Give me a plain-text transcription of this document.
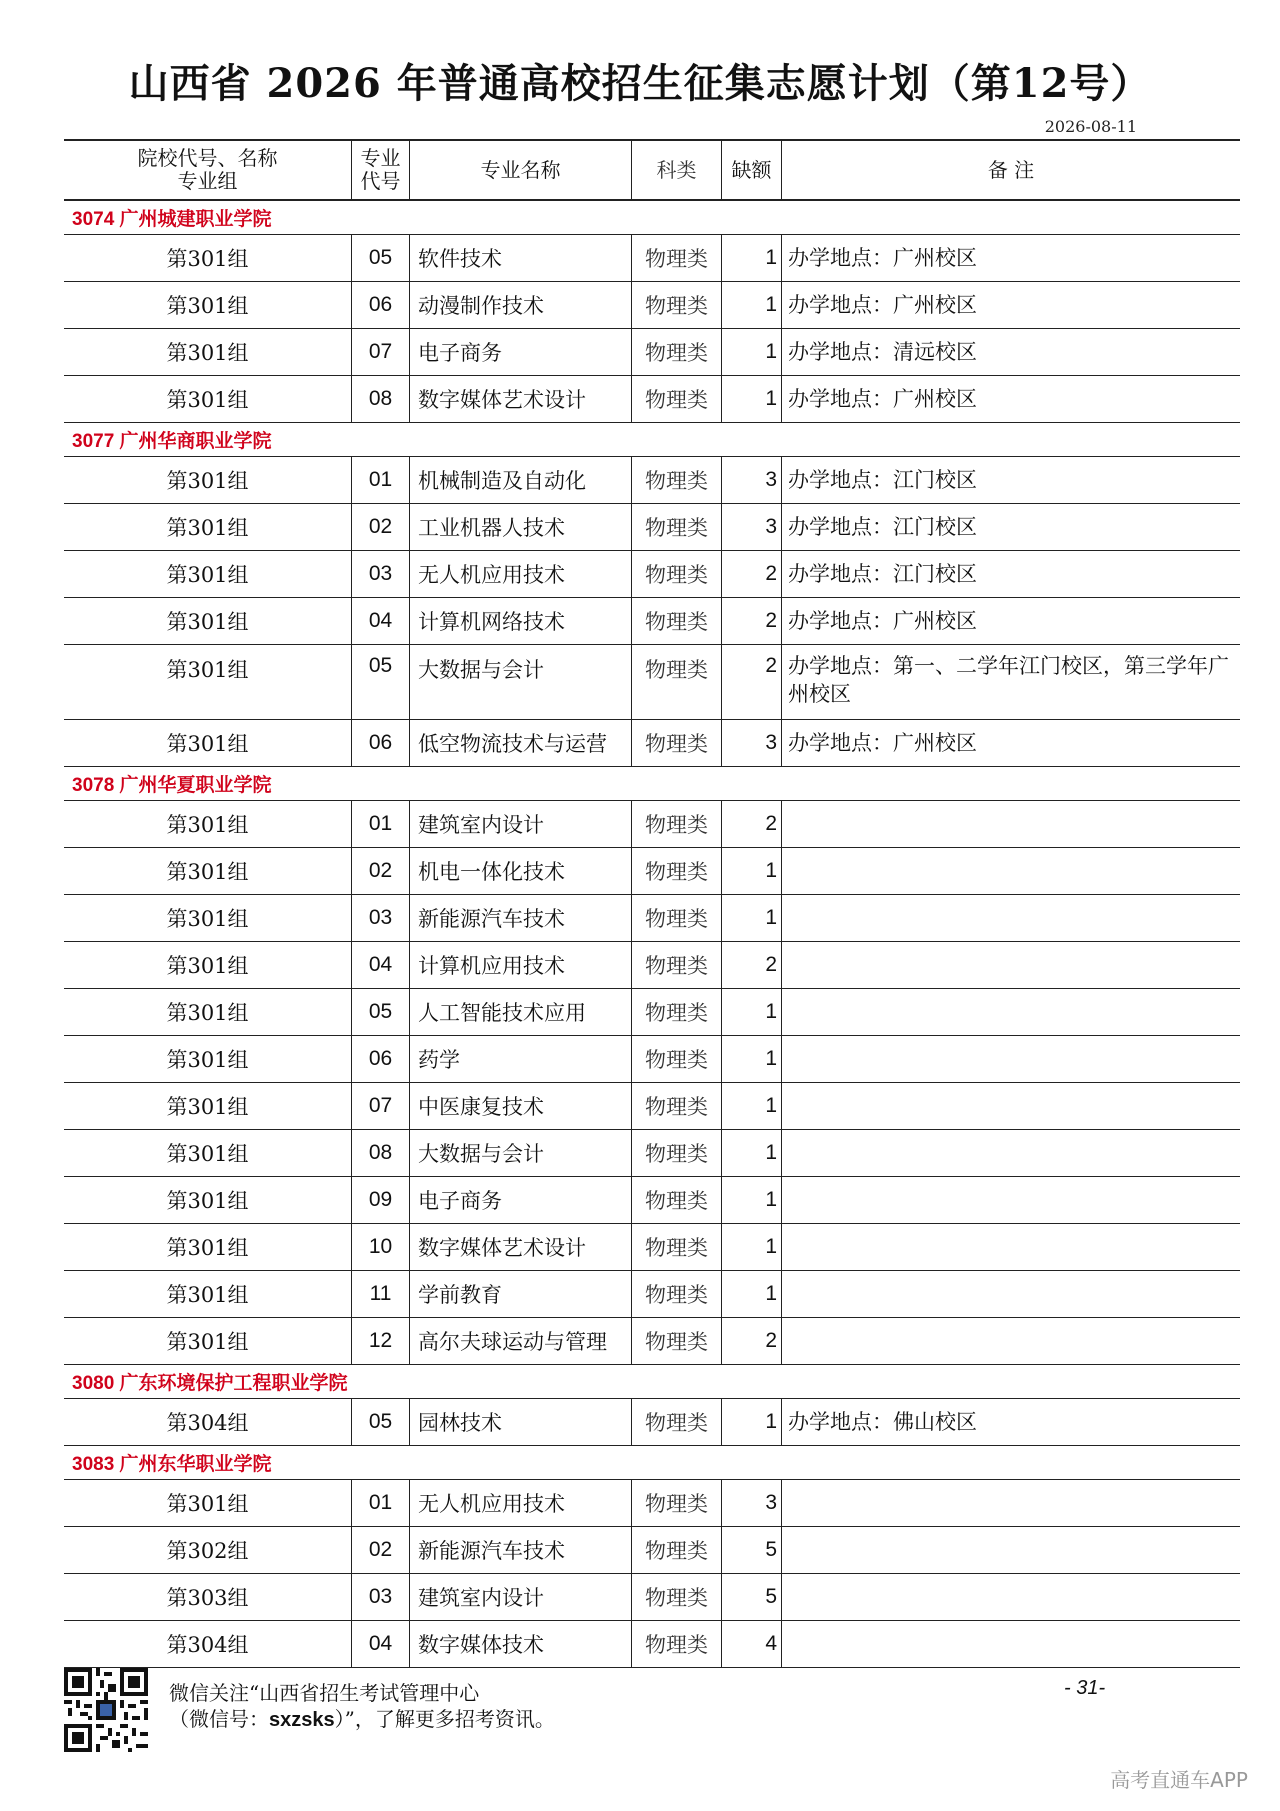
山西省 2026 年普通高校招生征集志愿计划（第12号）
2026-08-11
院校代号、名称
专业组
专业
代号	专业名称	科类	缺额	备 注
3074 广州城建职业学院
第301组	05	软件技术	物理类	1 办学地点：广州校区
第301组	06	动漫制作技术	物理类	1 办学地点：广州校区
第301组	07	电子商务	物理类	1 办学地点：清远校区
第301组	08	数字媒体艺术设计	物理类	1 办学地点：广州校区
3077 广州华商职业学院
第301组	01	机械制造及自动化	物理类	3 办学地点：江门校区
第301组	02	工业机器人技术	物理类	3 办学地点：江门校区
第301组	03	无人机应用技术	物理类	2 办学地点：江门校区
第301组	04	计算机网络技术	物理类	2 办学地点：广州校区
第301组	05	大数据与会计	物理类	2 办学地点：第一、二学年江门校区，第三学年广州校区
第301组	06	低空物流技术与运营	物理类	3 办学地点：广州校区
3078 广州华夏职业学院
第301组	01	建筑室内设计	物理类	2
第301组	02	机电一体化技术	物理类	1
第301组	03	新能源汽车技术	物理类	1
第301组	04	计算机应用技术	物理类	2
第301组	05	人工智能技术应用	物理类	1
第301组	06	药学	物理类	1
第301组	07	中医康复技术	物理类	1
第301组	08	大数据与会计	物理类	1
第301组	09	电子商务	物理类	1
第301组	10	数字媒体艺术设计	物理类	1
第301组	11	学前教育	物理类	1
第301组	12	高尔夫球运动与管理	物理类	2
3080 广东环境保护工程职业学院
第304组	05	园林技术	物理类	1 办学地点：佛山校区
3083 广州东华职业学院
第301组	01	无人机应用技术	物理类	3
第302组	02	新能源汽车技术	物理类	5
第303组	03	建筑室内设计	物理类	5
第304组	04	数字媒体技术	物理类	4
微信关注“山西省招生考试管理中心
（微信号：sxzsks）”，了解更多招考资讯。
- 31-
高考直通车APP
